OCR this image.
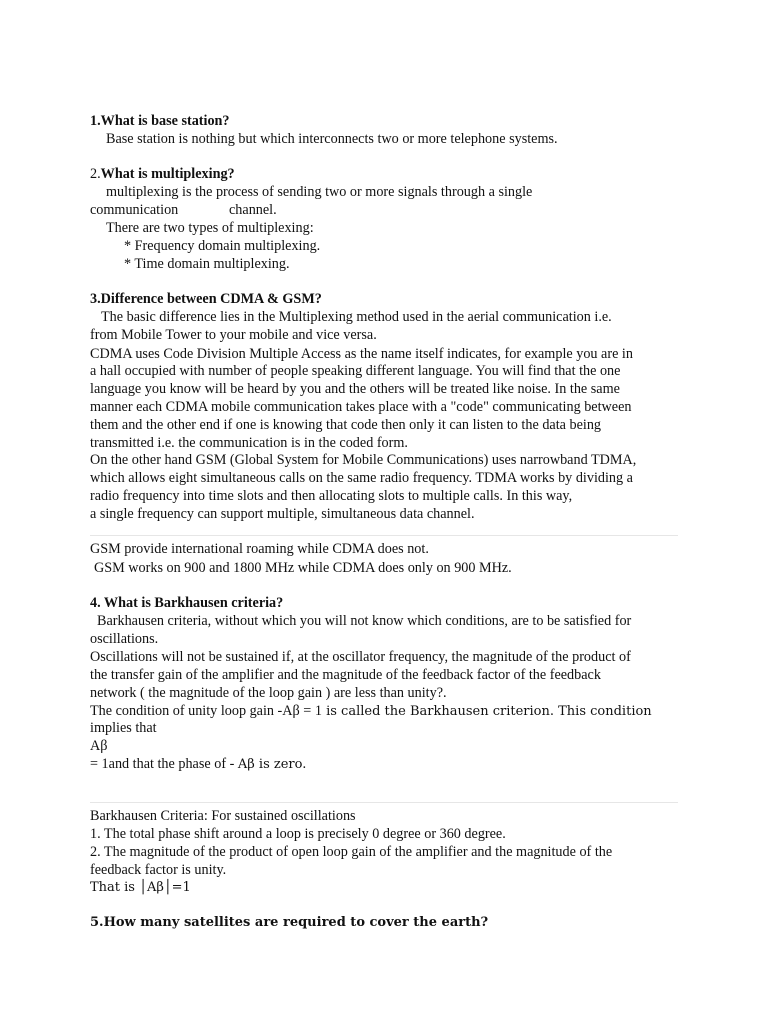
1.What is base station?
Base station is nothing but which interconnects two or more telephone systems.
2.What is multiplexing?
multiplexing is the process of sending two or more signals through a single
communication	channel.
There are two types of multiplexing:
* Frequency domain multiplexing.
* Time domain multiplexing.
3.Difference between CDMA & GSM?
The basic difference lies in the Multiplexing method used in the aerial communication i.e.
from Mobile Tower to your mobile and vice versa.
CDMA uses Code Division Multiple Access as the name itself indicates, for example you are in
a hall occupied with number of people speaking different language. You will find that the one
language you know will be heard by you and the others will be treated like noise. In the same
manner each CDMA mobile communication takes place with a "code" communicating between
them and the other end if one is knowing that code then only it can listen to the data being
transmitted i.e. the communication is in the coded form.
On the other hand GSM (Global System for Mobile Communications) uses narrowband TDMA,
which allows eight simultaneous calls on the same radio frequency. TDMA works by dividing a
radio frequency into time slots and then allocating slots to multiple calls. In this way,
a single frequency can support multiple, simultaneous data channel.
GSM provide international roaming while CDMA does not.
GSM works on 900 and 1800 MHz while CDMA does only on 900 MHz.
4. What is Barkhausen criteria?
Barkhausen criteria, without which you will not know which conditions, are to be satisfied for
oscillations.
Oscillations will not be sustained if, at the oscillator frequency, the magnitude of the product of
the transfer gain of the amplifier and the magnitude of the feedback factor of the feedback
network ( the magnitude of the loop gain ) are less than unity?.
The condition of unity loop gain -Aβ = 1 is called the Barkhausen criterion. This condition
implies that
Aβ
= 1and that the phase of - Aβ is zero.
Barkhausen Criteria: For sustained oscillations
1. The total phase shift around a loop is precisely 0 degree or 360 degree.
2. The magnitude of the product of open loop gain of the amplifier and the magnitude of the
feedback factor is unity.
That is │Aβ│=1
5.How many satellites are required to cover the earth?
